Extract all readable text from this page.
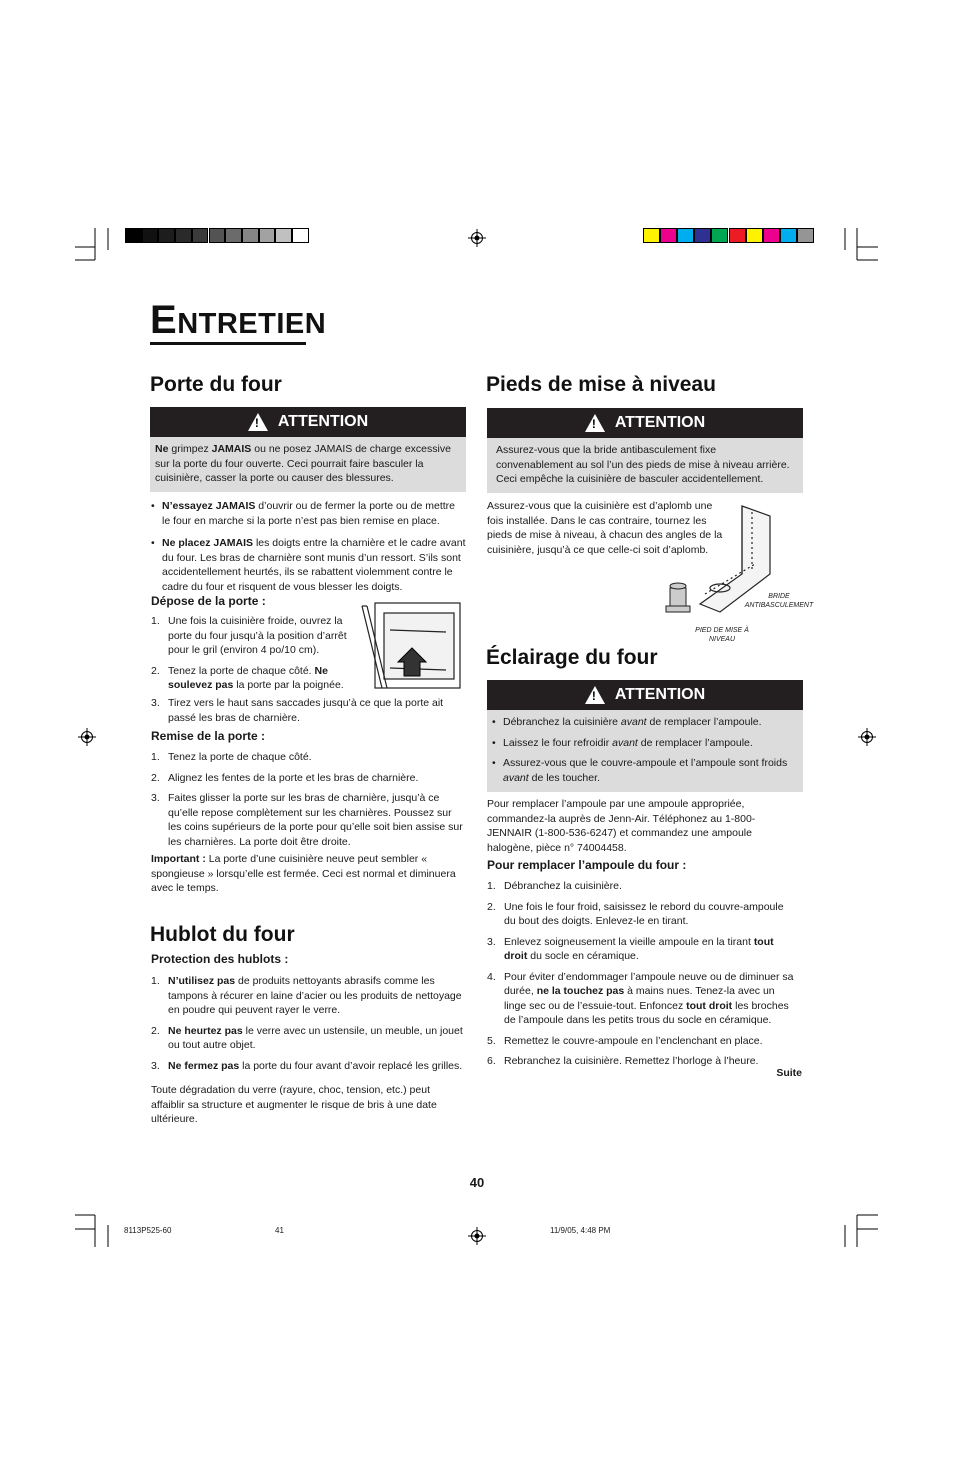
ENTRETIEN
Porte du four
! ATTENTION
Ne grimpez JAMAIS ou ne posez JAMAIS de charge excessive sur la porte du four ouverte. Ceci pourrait faire basculer la cuisinière, casser la porte ou causer des blessures.
• N’essayez JAMAIS d’ouvrir ou de fermer la porte ou de mettre le four en marche si la porte n’est pas bien remise en place.
• Ne placez JAMAIS les doigts entre la charnière et le cadre avant du four. Les bras de charnière sont munis d’un ressort. S’ils sont accidentellement heurtés, ils se rabattent violemment contre le cadre du four et risquent de vous blesser les doigts.
Dépose de la porte :
1. Une fois la cuisinière froide, ouvrez la porte du four jusqu’à la position d’arrêt pour le gril (environ 4 po/10 cm).
2. Tenez la porte de chaque côté. Ne soulevez pas la porte par la poignée.
3. Tirez vers le haut sans saccades jusqu’à ce que la porte ait passé les bras de charnière.
Remise de la porte :
1. Tenez la porte de chaque côté.
2. Alignez les fentes de la porte et les bras de charnière.
3. Faites glisser la porte sur les bras de charnière, jusqu’à ce qu’elle repose complètement sur les charnières. Poussez sur les coins supérieurs de la porte pour qu’elle soit bien assise sur les charnières. La porte doit être droite.

Important : La porte d’une cuisinière neuve peut sembler « spongieuse » lorsqu’elle est fermée. Ceci est normal et diminuera avec le temps.

Hublot du four
Protection des hublots :
1. N’utilisez pas de produits nettoyants abrasifs comme les tampons à récurer en laine d’acier ou les produits de nettoyage en poudre qui peuvent rayer le verre.
2. Ne heurtez pas le verre avec un ustensile, un meuble, un jouet ou tout autre objet.
3. Ne fermez pas la porte du four avant d’avoir replacé les grilles.

Toute dégradation du verre (rayure, choc, tension, etc.) peut affaiblir sa structure et augmenter le risque de bris à une date ultérieure.

Pieds de mise à niveau
! ATTENTION
Assurez-vous que la bride antibasculement fixe convenablement au sol l’un des pieds de mise à niveau arrière. Ceci empêche la cuisinière de basculer accidentellement.

Assurez-vous que la cuisinière est d’aplomb une fois installée. Dans le cas contraire, tournez les pieds de mise à niveau, à chacun des angles de la cuisinière, jusqu’à ce que celle-ci soit d’aplomb.

BRIDE
ANTIBASCULEMENT
PIED DE MISE À
NIVEAU
Éclairage du four
! ATTENTION
• Débranchez la cuisinière avant de remplacer l’ampoule.
• Laissez le four refroidir avant de remplacer l’ampoule.
• Assurez-vous que le couvre-ampoule et l’ampoule sont froids avant de les toucher.

Pour remplacer l’ampoule par une ampoule appropriée, commandez-la auprès de Jenn-Air. Téléphonez au 1-800-JENNAIR (1-800-536-6247) et commandez une ampoule halogène, pièce n° 74004458.

Pour remplacer l’ampoule du four :
1. Débranchez la cuisinière.
2. Une fois le four froid, saisissez le rebord du couvre-ampoule du bout des doigts. Enlevez-le en tirant.
3. Enlevez soigneusement la vieille ampoule en la tirant tout droit du socle en céramique.
4. Pour éviter d’endommager l’ampoule neuve ou de diminuer sa durée, ne la touchez pas à mains nues. Tenez-la avec un linge sec ou de l’essuie-tout. Enfoncez tout droit les broches de l’ampoule dans les petits trous du socle en céramique.
5. Remettez le couvre-ampoule en l’enclenchant en place.
6. Rebranchez la cuisinière. Remettez l’horloge à l’heure.
Suite
40
8113P525-60	41	11/9/05, 4:48 PM
